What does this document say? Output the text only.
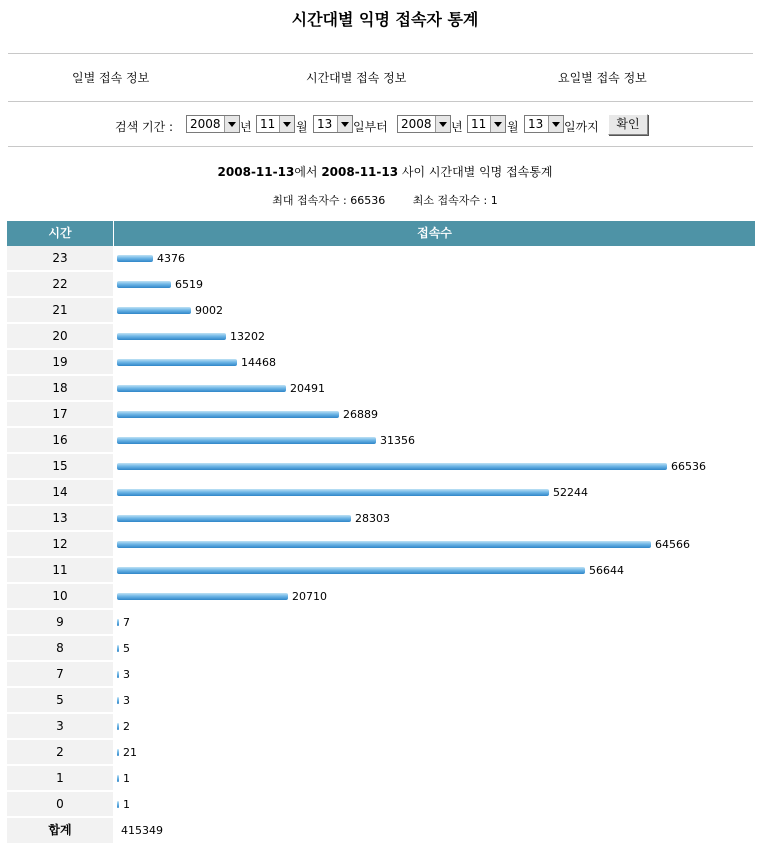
시간대별 익명 접속자 통계
일별 접속 정보	시간대별 접속 정보	요일별 접속 정보
검색 기간 : 2008 년 11 월 13 일부터 2008 년 11 월 13 일까지	확인
2008-11-13에서 2008-11-13 사이 시간대별 익명 접속통계
최대 접속자수 : 66536	최소 접속자수 : 1
시간	접속수
23	4376
22	6519
21	9002
20	13202
19	14468
18	20491
17	26889
16	31356
15	66536
14	52244
13	28303
12	64566
11	56644
10	20710
9	7
8	5
7	3
5	3
3	2
2	21
1	1
0	1
합계	415349
